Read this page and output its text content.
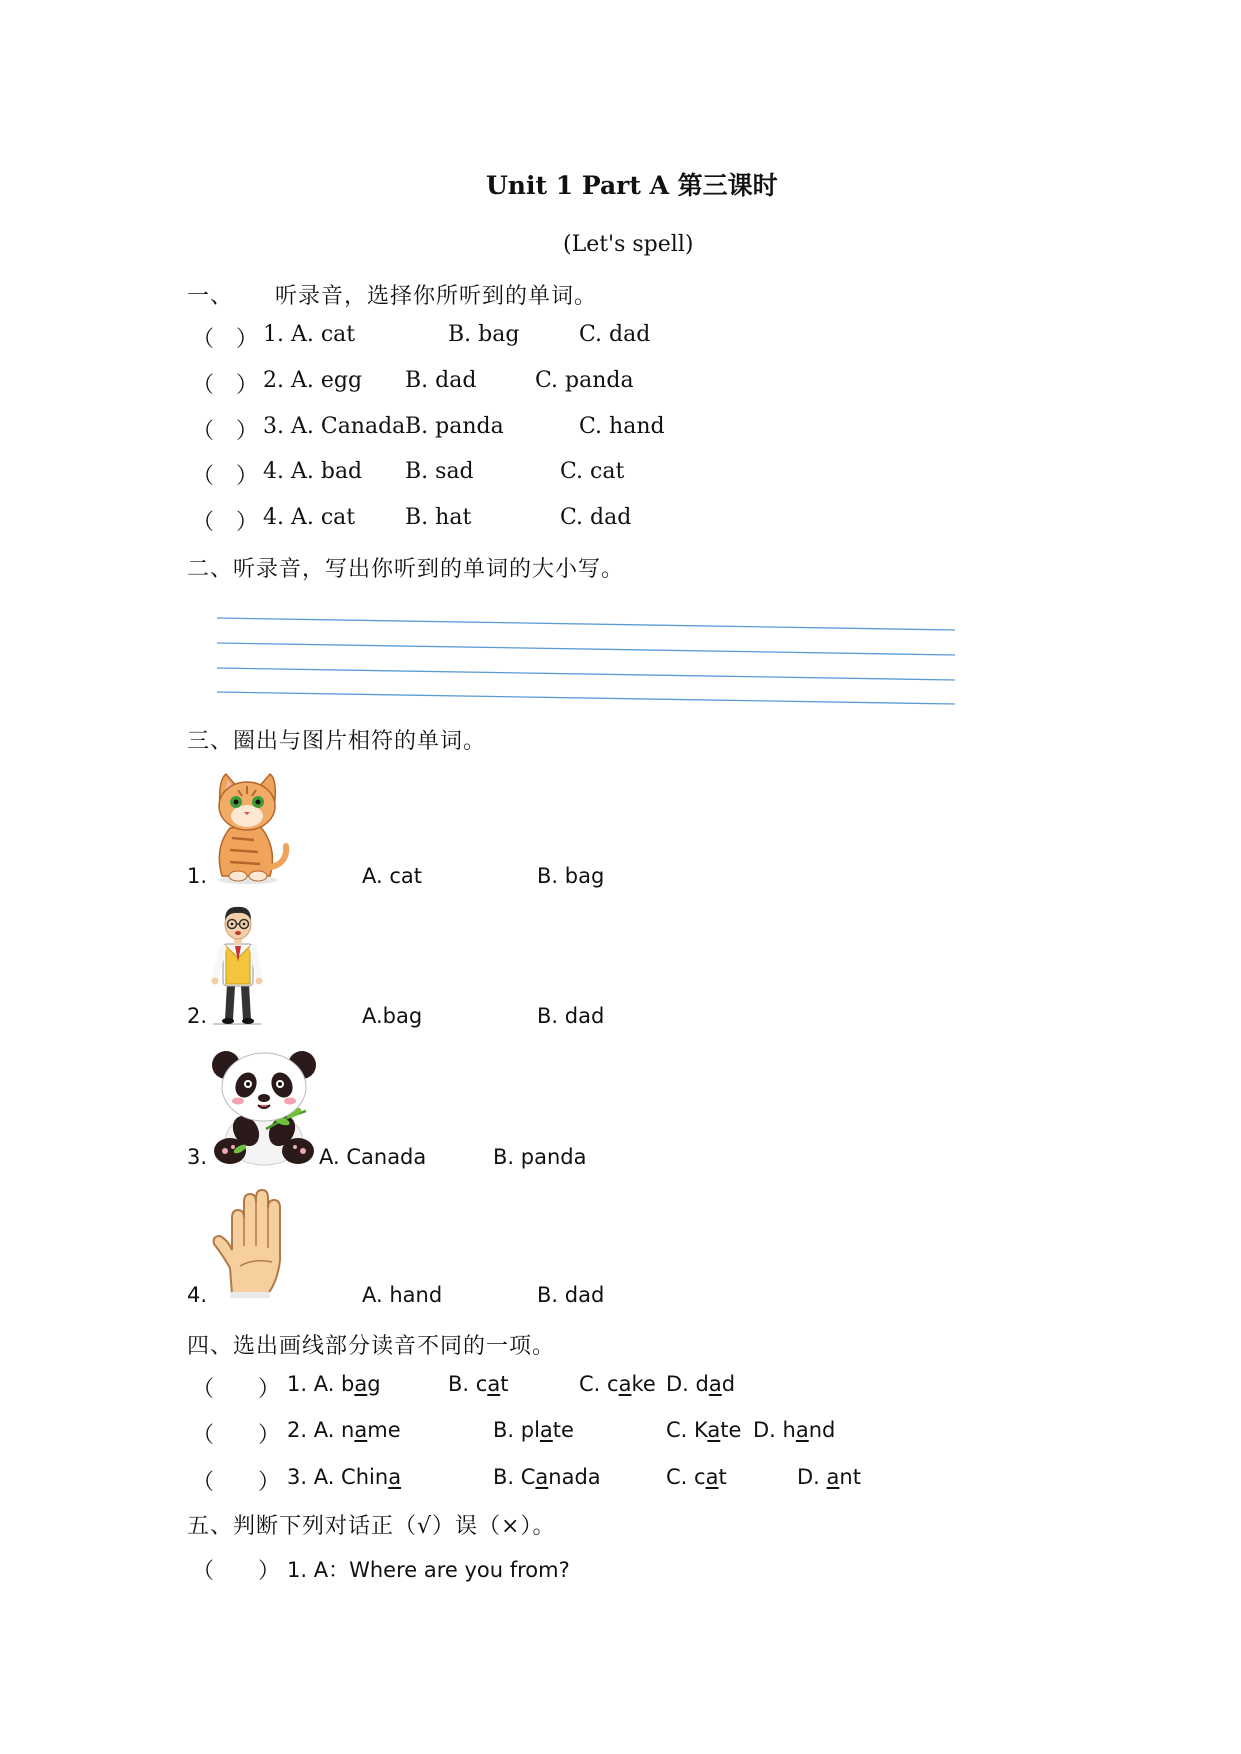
Unit 1 Part A 第三课时
(Let's spell)
一、 听录音，选择你所听到的单词。
（　） 1. A. cat	B. bag	C. dad
（　） 2. A. egg B. dad	C. panda
（　） 3. A. Canada B. panda	C. hand
（　） 4. A. bad B. sad	C. cat
（　） 4. A. cat B. hat	C. dad
二、听录音，写出你听到的单词的大小写。
三、圈出与图片相符的单词。
1.	A. cat	B. bag
2.	A.bag	B. dad
3.	A. Canada	B. panda
4.	A. hand	B. dad
四、选出画线部分读音不同的一项。
（　　） 1. A. bag	B. cat	C. cake D. dad
（　　） 2. A. name	B. plate	C. Kate D. hand
（　　） 3. A. China	B. Canada	C. cat	D. ant
五、判断下列对话正（√）误（×）。
（　　） 1. A：Where are you from?
